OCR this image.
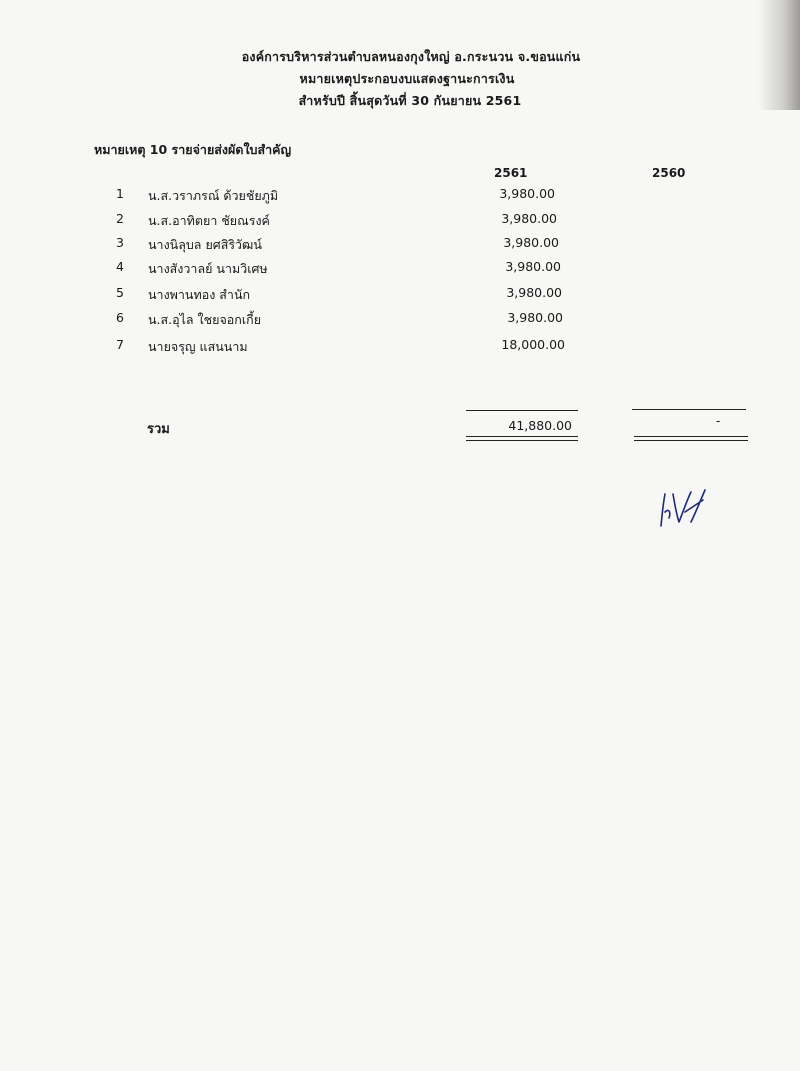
องค์การบริหารส่วนตำบลหนองกุงใหญ่ อ.กระนวน จ.ขอนแก่น
หมายเหตุประกอบงบแสดงฐานะการเงิน
สำหรับปี สิ้นสุดวันที่ 30 กันยายน 2561
หมายเหตุ 10 รายจ่ายส่งผัดใบสำคัญ
2561	2560
1	น.ส.วราภรณ์ ด้วยชัยภูมิ	3,980.00
2	น.ส.อาทิตยา ชัยณรงค์	3,980.00
3	นางนิลุบล ยศสิริวัฒน์	3,980.00
4	นางสังวาลย์ นามวิเศษ	3,980.00
5	นางพานทอง สำนัก	3,980.00
6	น.ส.อุไล ใชยจอกเกี้ย	3,980.00
7	นายจรุญ แสนนาม	18,000.00
รวม	41,880.00	-
